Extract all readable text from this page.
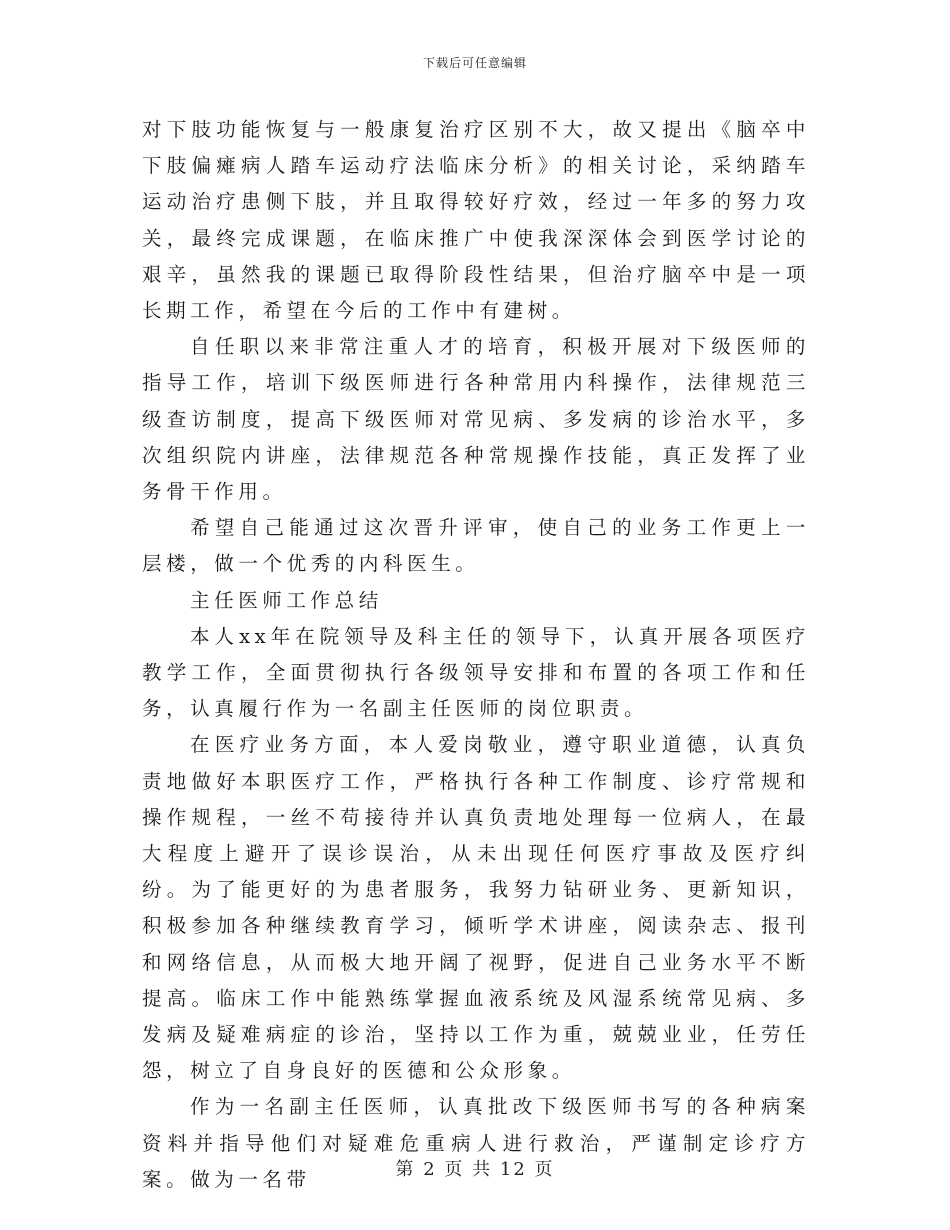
下载后可任意编辑

对下肢功能恢复与一般康复治疗区别不大，故又提出《脑卒中下肢偏瘫病人踏车运动疗法临床分析》的相关讨论，采纳踏车运动治疗患侧下肢，并且取得较好疗效，经过一年多的努力攻关，最终完成课题，在临床推广中使我深深体会到医学讨论的艰辛，虽然我的课题已取得阶段性结果，但治疗脑卒中是一项长期工作，希望在今后的工作中有建树。

自任职以来非常注重人才的培育，积极开展对下级医师的指导工作，培训下级医师进行各种常用内科操作，法律规范三级查访制度，提高下级医师对常见病、多发病的诊治水平，多次组织院内讲座，法律规范各种常规操作技能，真正发挥了业务骨干作用。

希望自己能通过这次晋升评审，使自己的业务工作更上一层楼，做一个优秀的内科医生。

主任医师工作总结

本人xx年在院领导及科主任的领导下，认真开展各项医疗教学工作，全面贯彻执行各级领导安排和布置的各项工作和任务，认真履行作为一名副主任医师的岗位职责。

在医疗业务方面，本人爱岗敬业，遵守职业道德，认真负责地做好本职医疗工作，严格执行各种工作制度、诊疗常规和操作规程，一丝不苟接待并认真负责地处理每一位病人，在最大程度上避开了误诊误治，从未出现任何医疗事故及医疗纠纷。为了能更好的为患者服务，我努力钻研业务、更新知识，积极参加各种继续教育学习，倾听学术讲座，阅读杂志、报刊和网络信息，从而极大地开阔了视野，促进自己业务水平不断提高。临床工作中能熟练掌握血液系统及风湿系统常见病、多发病及疑难病症的诊治，坚持以工作为重，兢兢业业，任劳任怨，树立了自身良好的医德和公众形象。

作为一名副主任医师，认真批改下级医师书写的各种病案资料并指导他们对疑难危重病人进行救治，严谨制定诊疗方案。做为一名带	第 2 页 共 12 页
